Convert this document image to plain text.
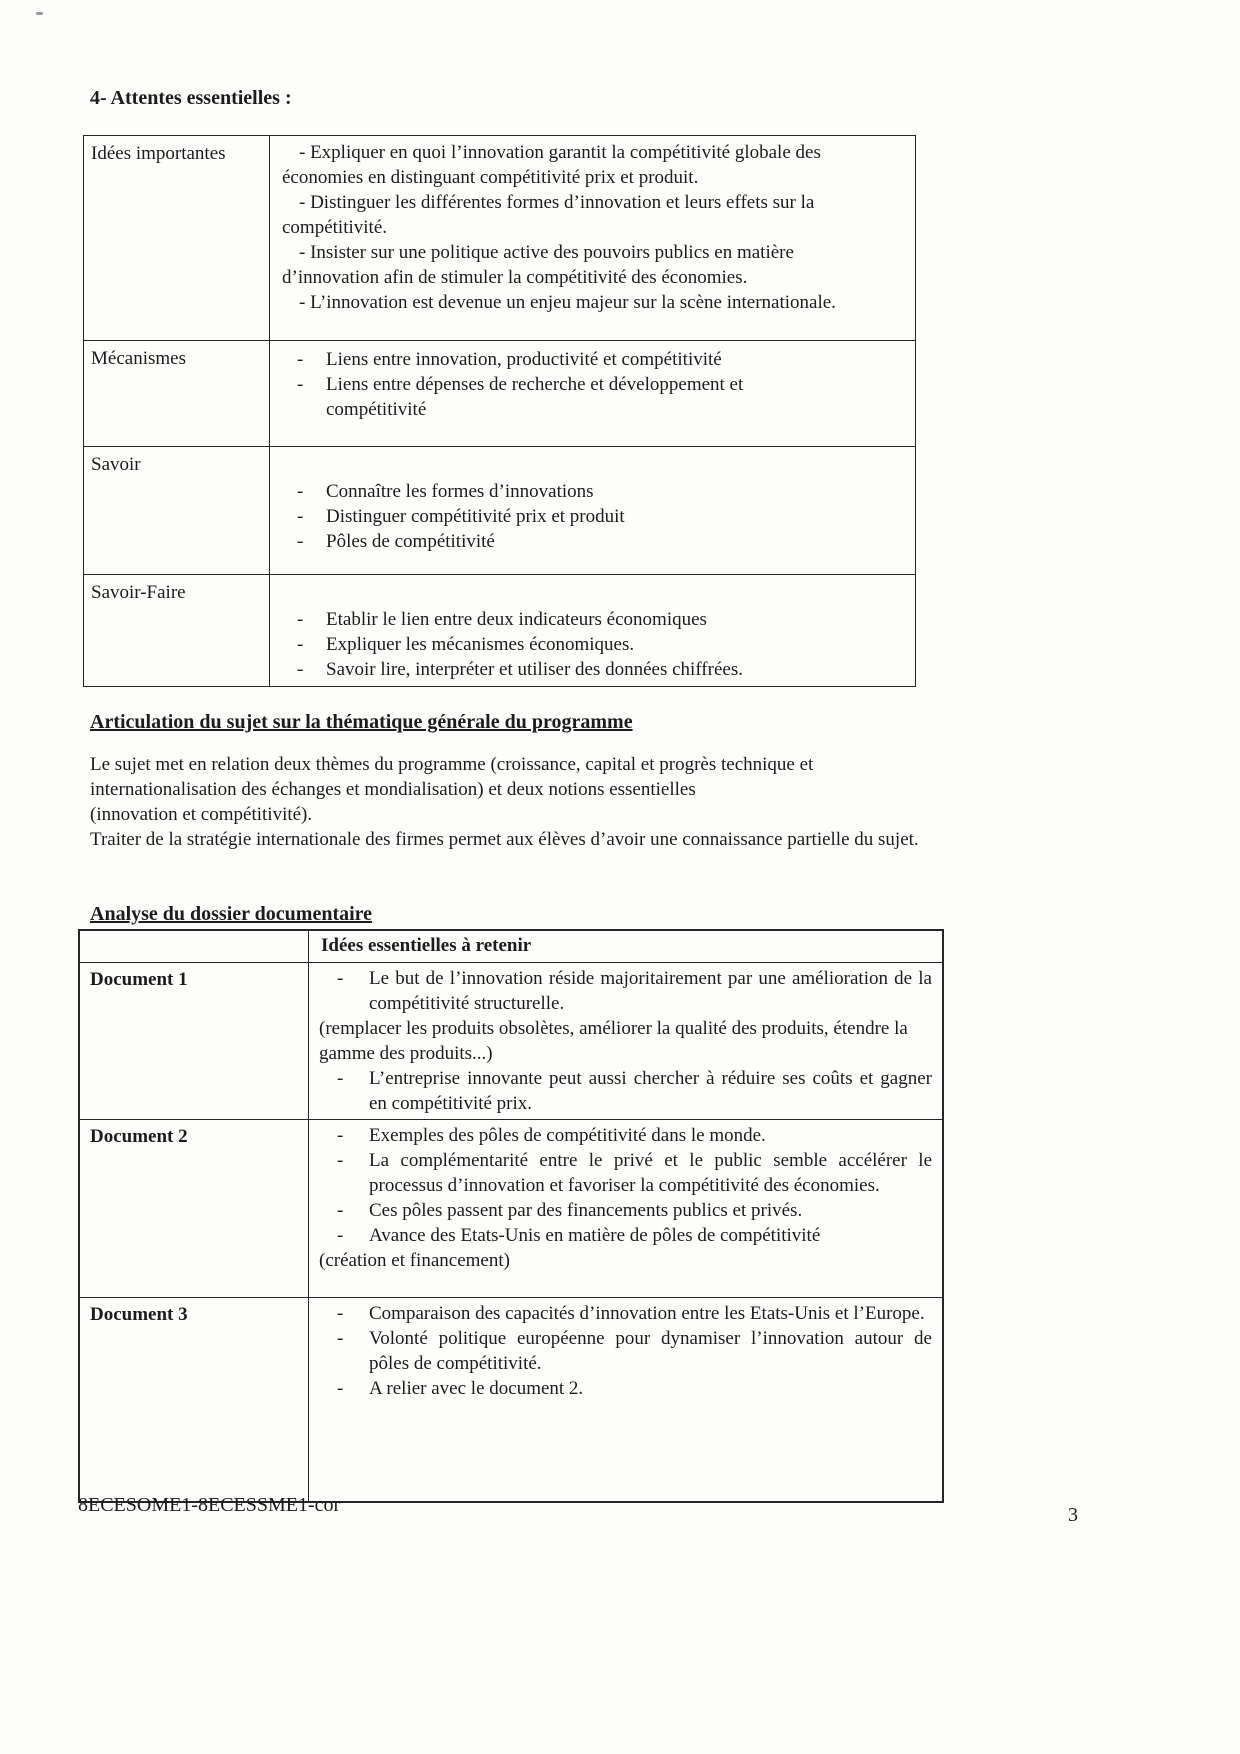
4- Attentes essentielles :
Idées importantes	- Expliquer en quoi l’innovation garantit la compétitivité globale des économies en distinguant compétitivité prix et produit.

- Distinguer les différentes formes d’innovation et leurs effets sur la compétitivité.

- Insister sur une politique active des pouvoirs publics en matière d’innovation afin de stimuler la compétitivité des économies.

- L’innovation est devenue un enjeu majeur sur la scène internationale.

Mécanismes	- Liens entre innovation, productivité et compétitivité
- Liens entre dépenses de recherche et développement et compétitivité

Savoir	
-	Connaître les formes d’innovations
-	Distinguer compétitivité prix et produit
-	Pôles de compétitivité

Savoir-Faire	
-	Etablir le lien entre deux indicateurs économiques
-	Expliquer les mécanismes économiques.
-	Savoir lire, interpréter et utiliser des données chiffrées.
Articulation du sujet sur la thématique générale du programme
Le sujet met en relation deux thèmes du programme (croissance, capital et progrès technique et
internationalisation des échanges et mondialisation) et deux notions essentielles
(innovation et compétitivité).
Traiter de la stratégie internationale des firmes permet aux élèves d’avoir une connaissance partielle du sujet.
Analyse du dossier documentaire
	Idées essentielles à retenir
Document 1	- Le but de l’innovation réside majoritairement par une amélioration de la compétitivité structurelle.
(remplacer les produits obsolètes, améliorer la qualité des produits, étendre la gamme des produits...)
- L’entreprise innovante peut aussi chercher à réduire ses coûts et gagner en compétitivité prix.

Document 2	-	Exemples des pôles de compétitivité dans le monde.
-	La complémentarité entre le privé et le public semble accélérer le processus d’innovation et favoriser la compétitivité des économies.
-	Ces pôles passent par des financements publics et privés.
-	Avance des Etats-Unis en matière de pôles de compétitivité
(création et financement)

Document 3	-	Comparaison des capacités d’innovation entre les Etats-Unis et l’Europe.
-	Volonté politique européenne pour dynamiser l’innovation autour de pôles de compétitivité.
-	A relier avec le document 2.
8ECESOME1-8ECESSME1-cor	3
